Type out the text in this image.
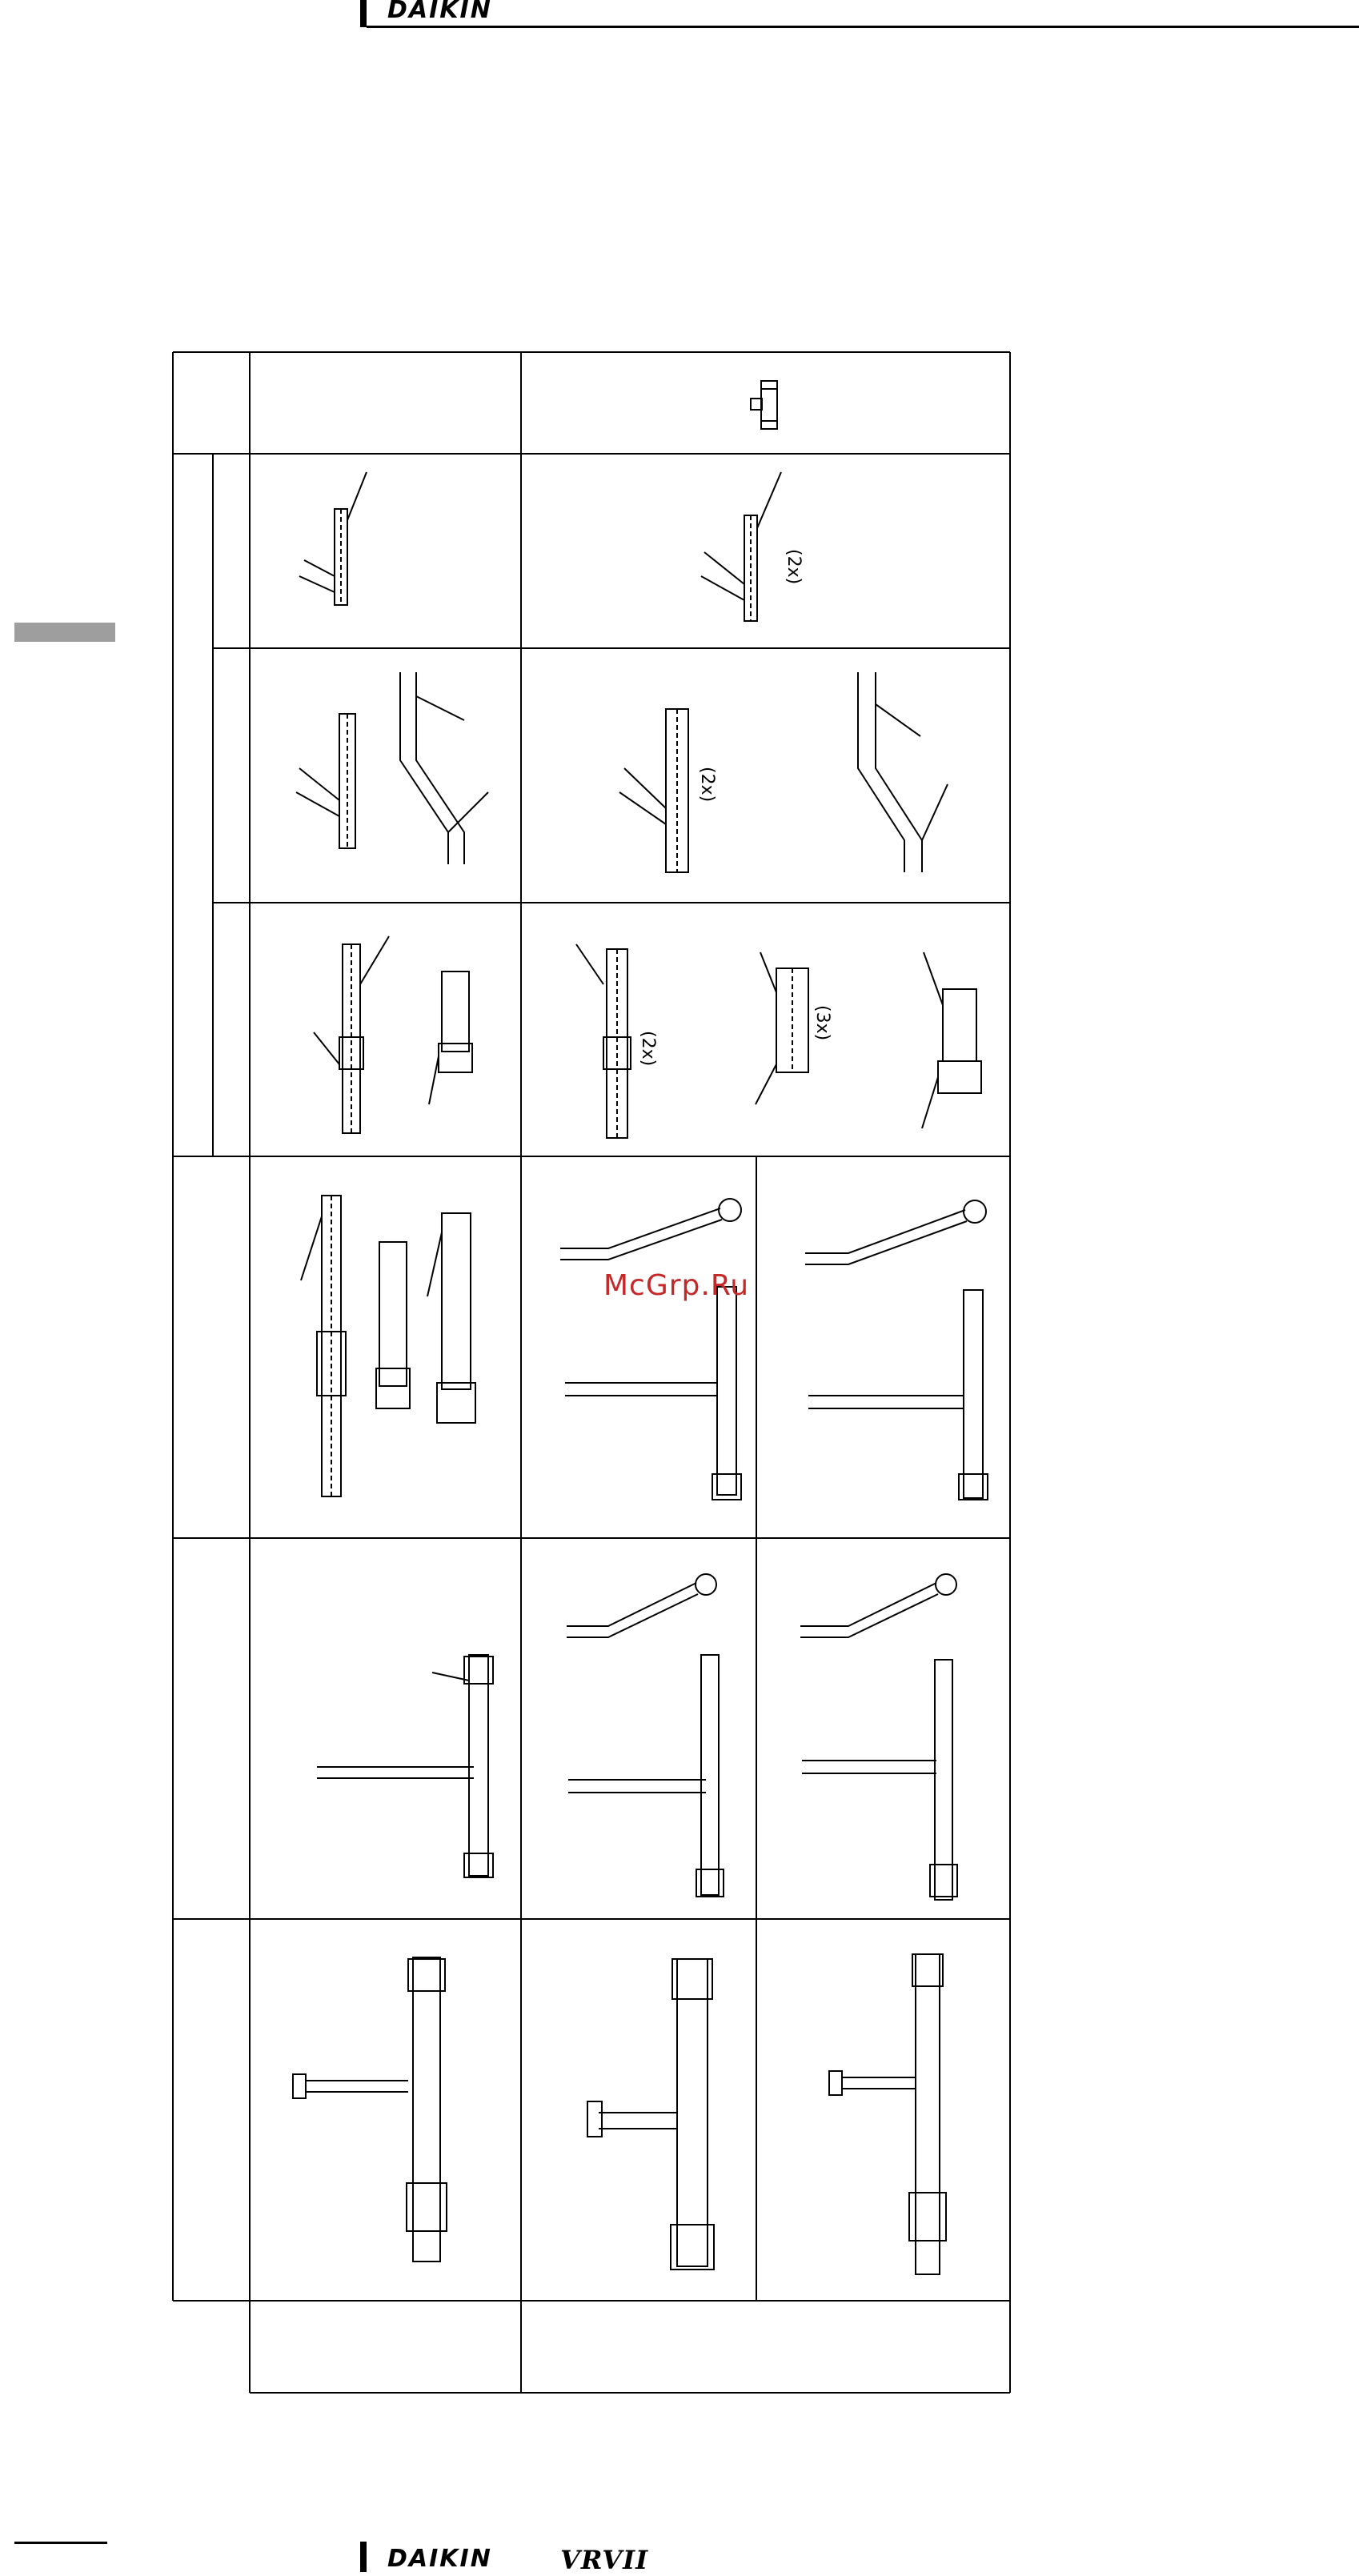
DAIKIN
(2x)
(2x)
(2x)
(3x)
McGrp.Ru
DAIKIN	VRVII
